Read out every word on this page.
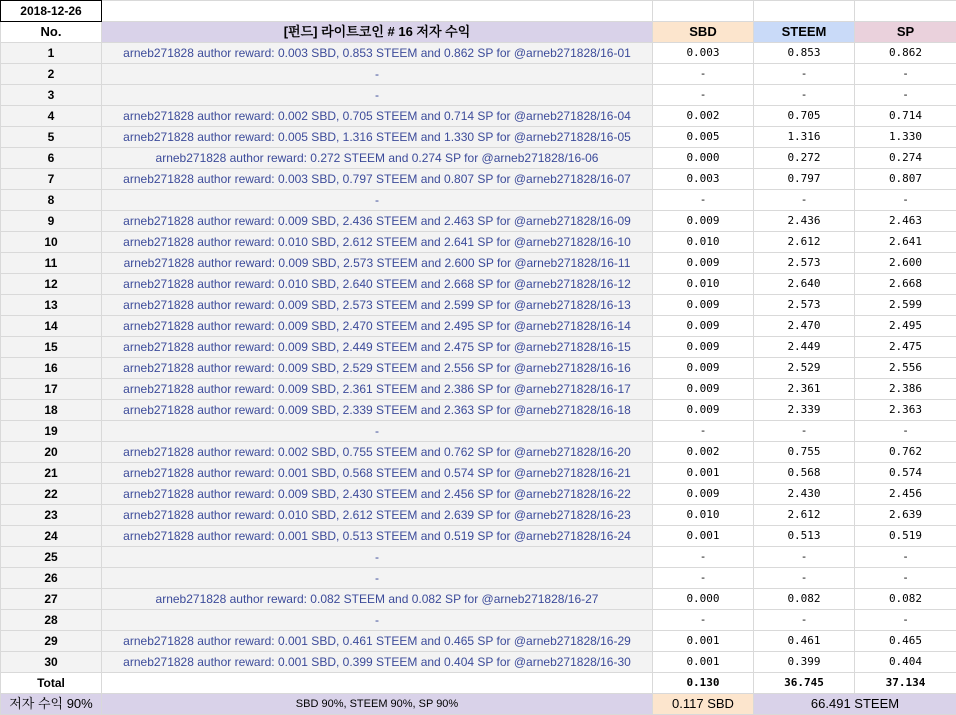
2018-12-26				
No.	[펀드] 라이트코인 # 16 저자 수익	SBD	STEEM	SP
1	arneb271828 author reward: 0.003 SBD, 0.853 STEEM and 0.862 SP for @arneb271828/16-01	0.003	0.853	0.862
2	-	-	-	-
3	-	-	-	-
4	arneb271828 author reward: 0.002 SBD, 0.705 STEEM and 0.714 SP for @arneb271828/16-04	0.002	0.705	0.714
5	arneb271828 author reward: 0.005 SBD, 1.316 STEEM and 1.330 SP for @arneb271828/16-05	0.005	1.316	1.330
6	arneb271828 author reward: 0.272 STEEM and 0.274 SP for @arneb271828/16-06	0.000	0.272	0.274
7	arneb271828 author reward: 0.003 SBD, 0.797 STEEM and 0.807 SP for @arneb271828/16-07	0.003	0.797	0.807
8	-	-	-	-
9	arneb271828 author reward: 0.009 SBD, 2.436 STEEM and 2.463 SP for @arneb271828/16-09	0.009	2.436	2.463
10	arneb271828 author reward: 0.010 SBD, 2.612 STEEM and 2.641 SP for @arneb271828/16-10	0.010	2.612	2.641
11	arneb271828 author reward: 0.009 SBD, 2.573 STEEM and 2.600 SP for @arneb271828/16-11	0.009	2.573	2.600
12	arneb271828 author reward: 0.010 SBD, 2.640 STEEM and 2.668 SP for @arneb271828/16-12	0.010	2.640	2.668
13	arneb271828 author reward: 0.009 SBD, 2.573 STEEM and 2.599 SP for @arneb271828/16-13	0.009	2.573	2.599
14	arneb271828 author reward: 0.009 SBD, 2.470 STEEM and 2.495 SP for @arneb271828/16-14	0.009	2.470	2.495
15	arneb271828 author reward: 0.009 SBD, 2.449 STEEM and 2.475 SP for @arneb271828/16-15	0.009	2.449	2.475
16	arneb271828 author reward: 0.009 SBD, 2.529 STEEM and 2.556 SP for @arneb271828/16-16	0.009	2.529	2.556
17	arneb271828 author reward: 0.009 SBD, 2.361 STEEM and 2.386 SP for @arneb271828/16-17	0.009	2.361	2.386
18	arneb271828 author reward: 0.009 SBD, 2.339 STEEM and 2.363 SP for @arneb271828/16-18	0.009	2.339	2.363
19	-	-	-	-
20	arneb271828 author reward: 0.002 SBD, 0.755 STEEM and 0.762 SP for @arneb271828/16-20	0.002	0.755	0.762
21	arneb271828 author reward: 0.001 SBD, 0.568 STEEM and 0.574 SP for @arneb271828/16-21	0.001	0.568	0.574
22	arneb271828 author reward: 0.009 SBD, 2.430 STEEM and 2.456 SP for @arneb271828/16-22	0.009	2.430	2.456
23	arneb271828 author reward: 0.010 SBD, 2.612 STEEM and 2.639 SP for @arneb271828/16-23	0.010	2.612	2.639
24	arneb271828 author reward: 0.001 SBD, 0.513 STEEM and 0.519 SP for @arneb271828/16-24	0.001	0.513	0.519
25	-	-	-	-
26	-	-	-	-
27	arneb271828 author reward: 0.082 STEEM and 0.082 SP for @arneb271828/16-27	0.000	0.082	0.082
28	-	-	-	-
29	arneb271828 author reward: 0.001 SBD, 0.461 STEEM and 0.465 SP for @arneb271828/16-29	0.001	0.461	0.465
30	arneb271828 author reward: 0.001 SBD, 0.399 STEEM and 0.404 SP for @arneb271828/16-30	0.001	0.399	0.404
Total		0.130	36.745	37.134
저자 수익 90%	SBD 90%, STEEM 90%, SP 90%	0.117 SBD	66.491 STEEM	
